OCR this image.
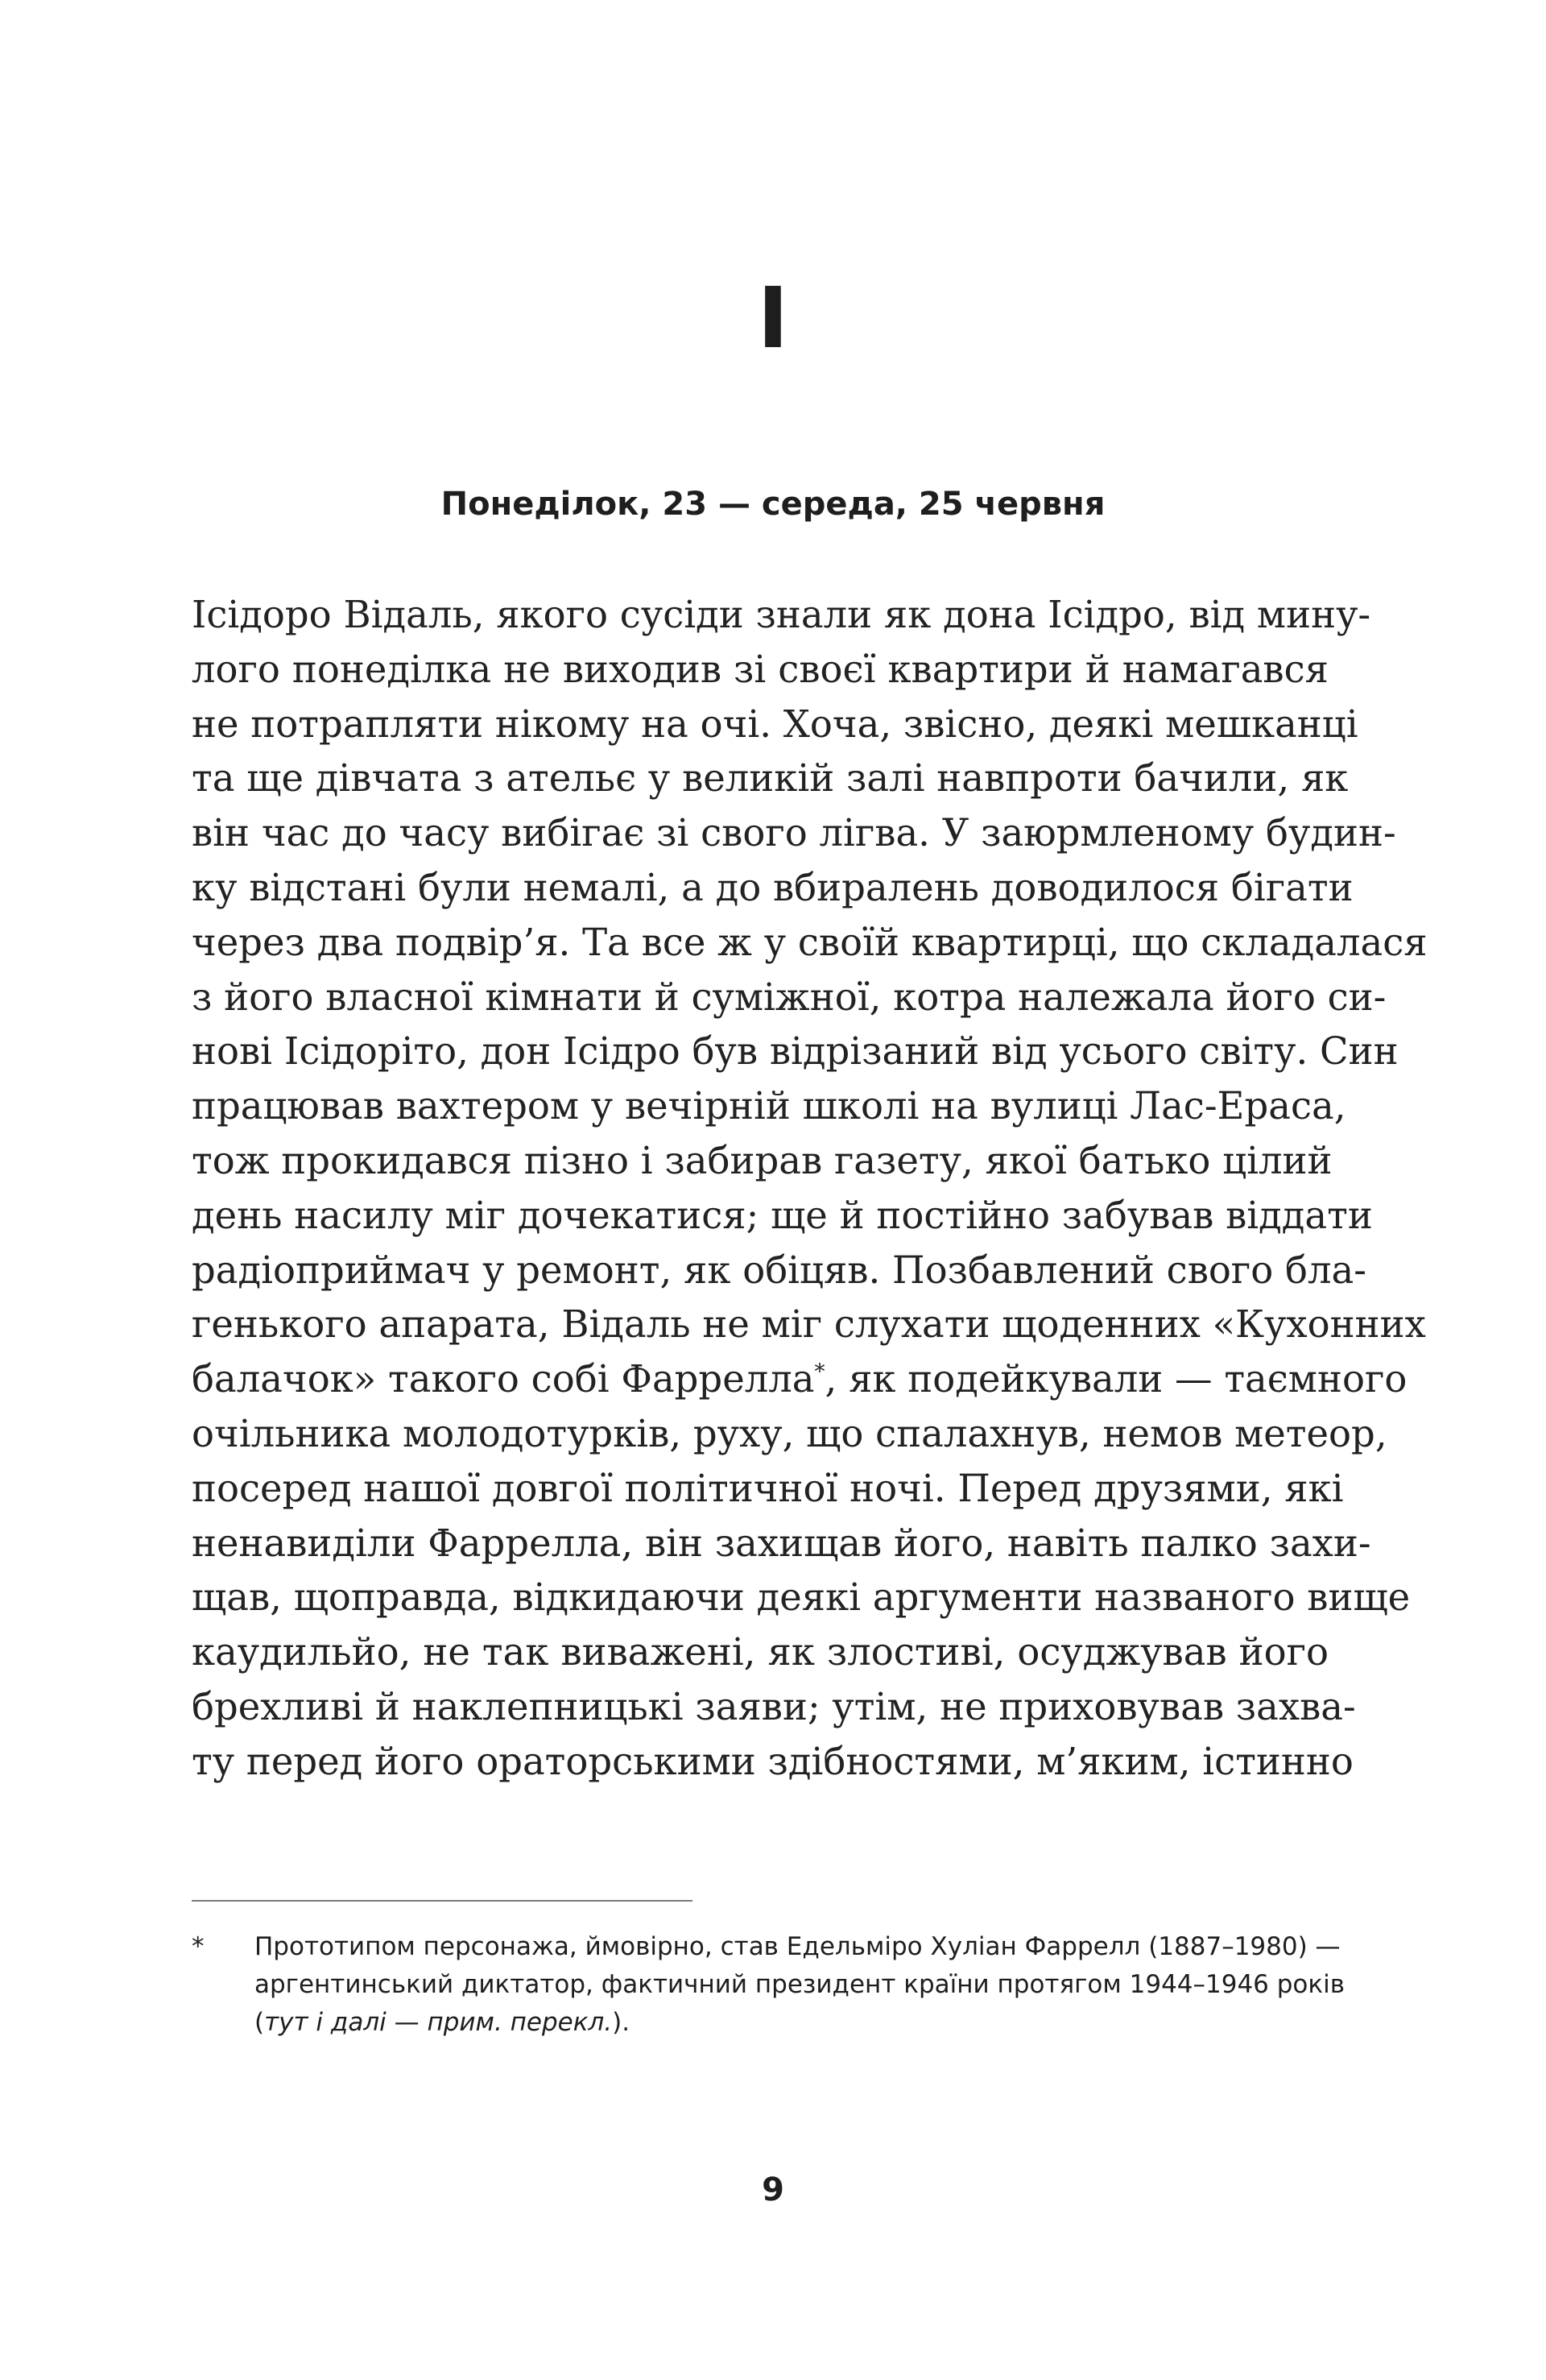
I
Понеділок, 23 — середа, 25 червня
Ісідоро Відаль, якого сусіди знали як дона Ісідро, від мину-
лого понеділка не виходив зі своєї квартири й намагався
не потрапляти нікому на очі. Хоча, звісно, деякі мешканці
та ще дівчата з ательє у великій залі навпроти бачили, як
він час до часу вибігає зі свого лігва. У заюрмленому будин-
ку відстані були немалі, а до вбиралень доводилося бігати
через два подвір’я. Та все ж у своїй квартирці, що складалася
з його власної кімнати й суміжної, котра належала його си-
нові Ісідоріто, дон Ісідро був відрізаний від усього світу. Син
працював вахтером у вечірній школі на вулиці Лас-Ераса,
тож прокидався пізно і забирав газету, якої батько цілий
день насилу міг дочекатися; ще й постійно забував віддати
радіоприймач у ремонт, як обіцяв. Позбавлений свого бла-
генького апарата, Відаль не міг слухати щоденних «Кухонних
балачок» такого собі Фаррелла*, як подейкували — таємного
очільника молодотурків, руху, що спалахнув, немов метеор,
посеред нашої довгої політичної ночі. Перед друзями, які
ненавиділи Фаррелла, він захищав його, навіть палко захи-
щав, щоправда, відкидаючи деякі аргументи названого вище
каудильйо, не так виважені, як злостиві, осуджував його
брехливі й наклепницькі заяви; утім, не приховував захва-
ту перед його ораторськими здібностями, м’яким, істинно
* Прототипом персонажа, ймовірно, став Едельміро Хуліан Фаррелл (1887–1980) —
аргентинський диктатор, фактичний президент країни протягом 1944–1946 років
(тут і далі — прим. перекл.).
9
